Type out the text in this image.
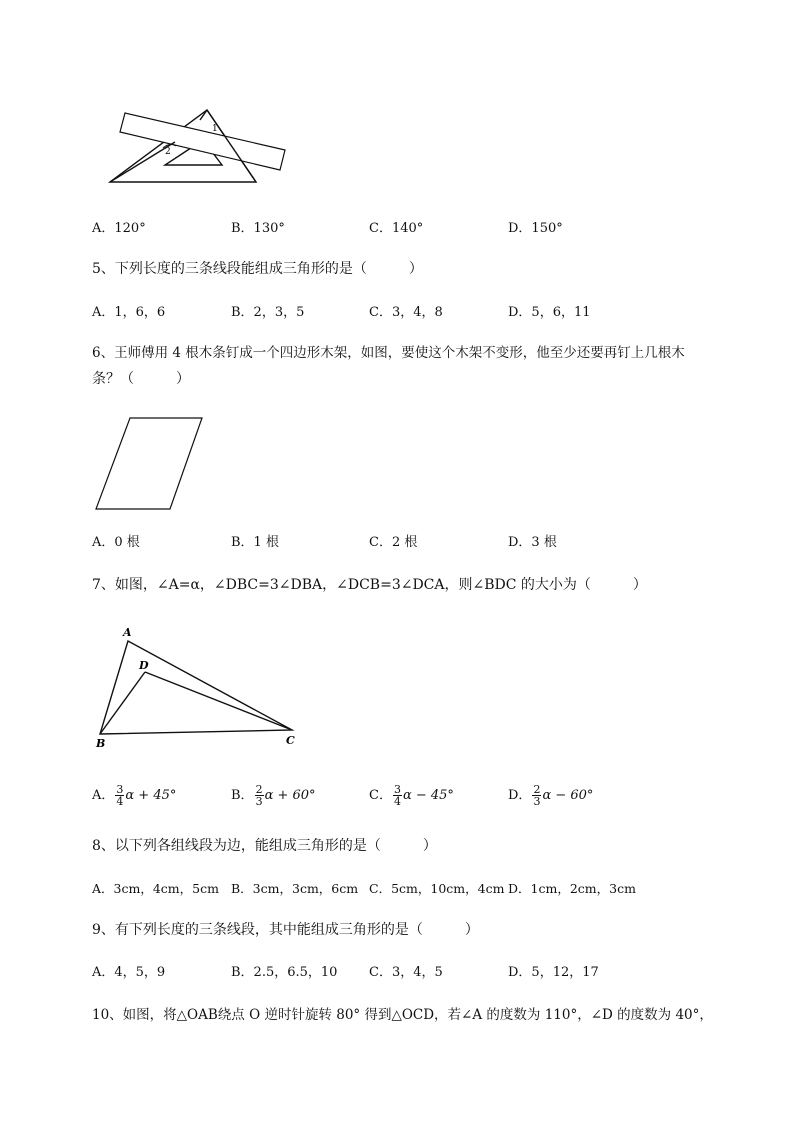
1
2
A．120°	B．130°	C．140°	D．150°
5、下列长度的三条线段能组成三角形的是（　　　）
A．1，6，6	B．2，3，5	C．3，4，8	D．5，6，11
6、王师傅用 4 根木条钉成一个四边形木架，如图，要使这个木架不变形，他至少还要再钉上几根木
条？（　　　）
A．0 根	B．1 根	C．2 根	D．3 根
7、如图，∠A=α，∠DBC=3∠DBA，∠DCB=3∠DCA，则∠BDC 的大小为（　　　）
A
D
B	C
A． $\frac{3}{4}$ α + 45°	B． $\frac{2}{3}$ α + 60°	C． $\frac{3}{4}$ α − 45°	D． $\frac{2}{3}$ α − 60°
8、以下列各组线段为边，能组成三角形的是（　　　）
A．3cm，4cm，5cm B．3cm，3cm，6cm C．5cm，10cm，4cm D．1cm，2cm，3cm
9、有下列长度的三条线段，其中能组成三角形的是（　　　）
A．4，5，9	B．2.5，6.5，10 C．3，4，5	D．5，12，17
10、如图，将△OAB绕点 O 逆时针旋转 80° 得到△OCD，若∠A 的度数为 110°，∠D 的度数为 40°，
